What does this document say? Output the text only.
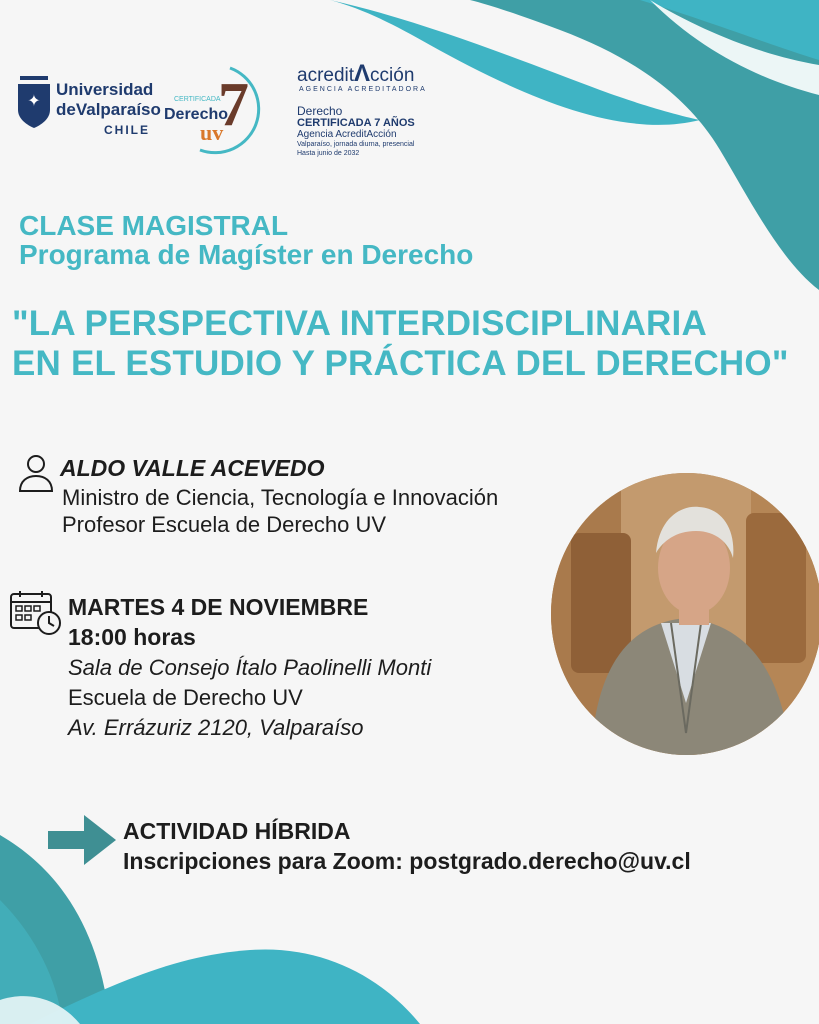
✦
Universidad
deValparaíso
CHILE
CERTIFICADA
Derecho
uv
7	acreditΛcción
AGENCIA ACREDITADORA
Derecho
CERTIFICADA 7 AÑOS
Agencia AcreditAcción
Valparaíso, jornada diurna, presencial
Hasta junio de 2032
CLASE MAGISTRAL
Programa de Magíster en Derecho
"LA PERSPECTIVA INTERDISCIPLINARIA
EN EL ESTUDIO Y PRÁCTICA DEL DERECHO"
ALDO VALLE ACEVEDO
Ministro de Ciencia, Tecnología e Innovación
Profesor Escuela de Derecho UV
MARTES 4 DE NOVIEMBRE
18:00 horas
Sala de Consejo Ítalo Paolinelli Monti
Escuela de Derecho UV
Av. Errázuriz 2120, Valparaíso
ACTIVIDAD HÍBRIDA
Inscripciones para Zoom: postgrado.derecho@uv.cl
